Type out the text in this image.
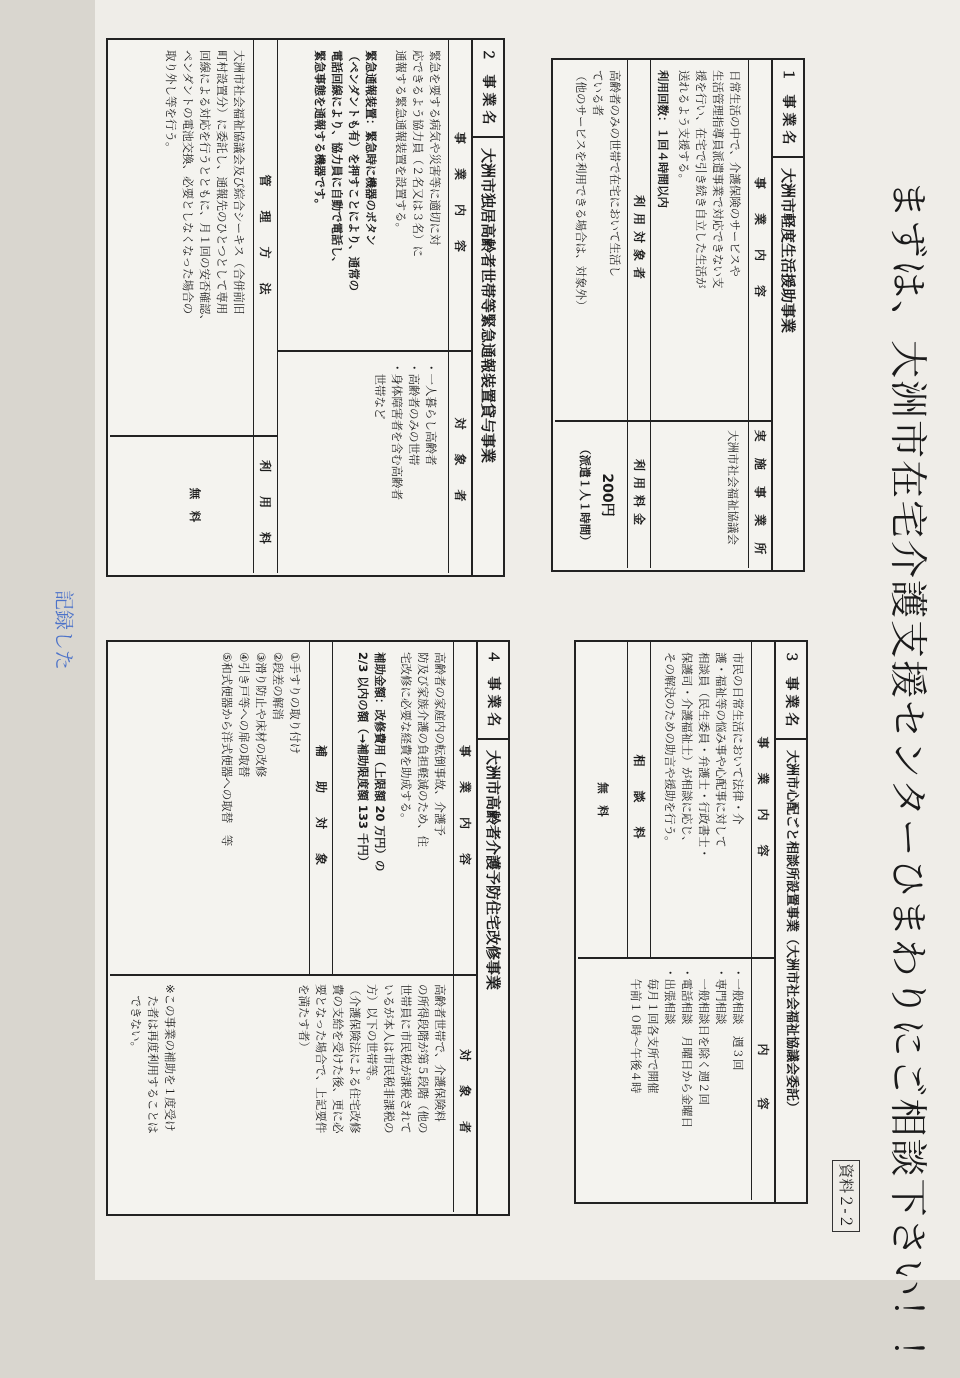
まずは、大洲市在宅介護支援センターひまわりにご相談下さい！！
資料２-２
１ 事業名
大洲市軽度生活援助事業
事　業　内　容
実 施 事 業 所
日常生活の中で、介護保険のサービスや
生活管理指導員派遣事業で対応できない支
援を行い、在宅で引き続き自立した生活が
送れるよう支援する。
利用回数：１回４時間以内
大洲市社会福祉協議会
利用対象者
利用料金
高齢者のみの世帯で在宅において生活し
ている者
（他のサービスを利用できる場合は、対象外）
200円
（派遣１人１時間）
２ 事業名
大洲市独居高齢者世帯等緊急通報装置貸与事業
事　業　内　容
対　象　者
緊急を要する病気や災害等に適切に対
応できるよう協力員（２名又は３名）に
通報する緊急通報装置を設置する。
緊急通報装置：緊急時に機器のボタン
（ペンダントも有）を押すことにより、通常の
電話回線により、協力員に自動で電話し、
緊急事態を通報する機器です。
・一人暮らし高齢者
・高齢者のみの世帯
・身体障害者を含む高齢者
　世帯など
管　理　方　法
利　用　料
大洲市社会福祉協議会及び綜合シーキス（合併前旧
町村設置分）に委託し、通報先のひとつとして専用
回線による対応を行うとともに、月１回の安否確認、
ペンダントの電池交換、必要としなくなった場合の
取り外し等を行う。
無　料
３ 事業名
大洲市心配ごと相談所設置事業（大洲市社会福祉協議会委託）
事　業　内　容
内　　容
市民の日常生活において法律・介
護・福祉等の悩み事や心配事に対して
相談員（民生委員・弁護士・行政書士・
保護司・介護福祉士）が相談に応じ、
その解決のための助言や援助を行う。
・一般相談　週３回
・専門相談
　一般相談日を除く週２回
・電話相談　月曜日から金曜日
・出張相談
　毎月１回各支所で開催
　午前１０時〜午後４時
相　談　料
無　料
４ 事業名
大洲市高齢者介護予防住宅改修事業
事　業　内　容
対　象　者
高齢者の家庭内の転倒事故、介護予
防及び家族介護の負担軽減のため、住
宅改修に必要な経費を助成する。
補助金額：改修費用（上限額 20 万円）の
2/3 以内の額（→補助限度額 133 千円）
高齢者世帯で、介護保険料
の所得段階が第５段階（他の
世帯員に市民税が課税されて
いるが本人は市民税非課税の
方）以下の世帯等。
（介護保険法による住宅改修
費の支給を受けた後、更に必
要となった場合で、上記要件
を満たす者）
※この事業の補助を１度受け
　た者は再度利用することは
　できない。
補　助　対　象
①手すりの取り付け
②段差の解消
③滑り防止や床材の改修
④引き戸等への扉の取替
⑤和式便器から洋式便器への取替　等
記録した
